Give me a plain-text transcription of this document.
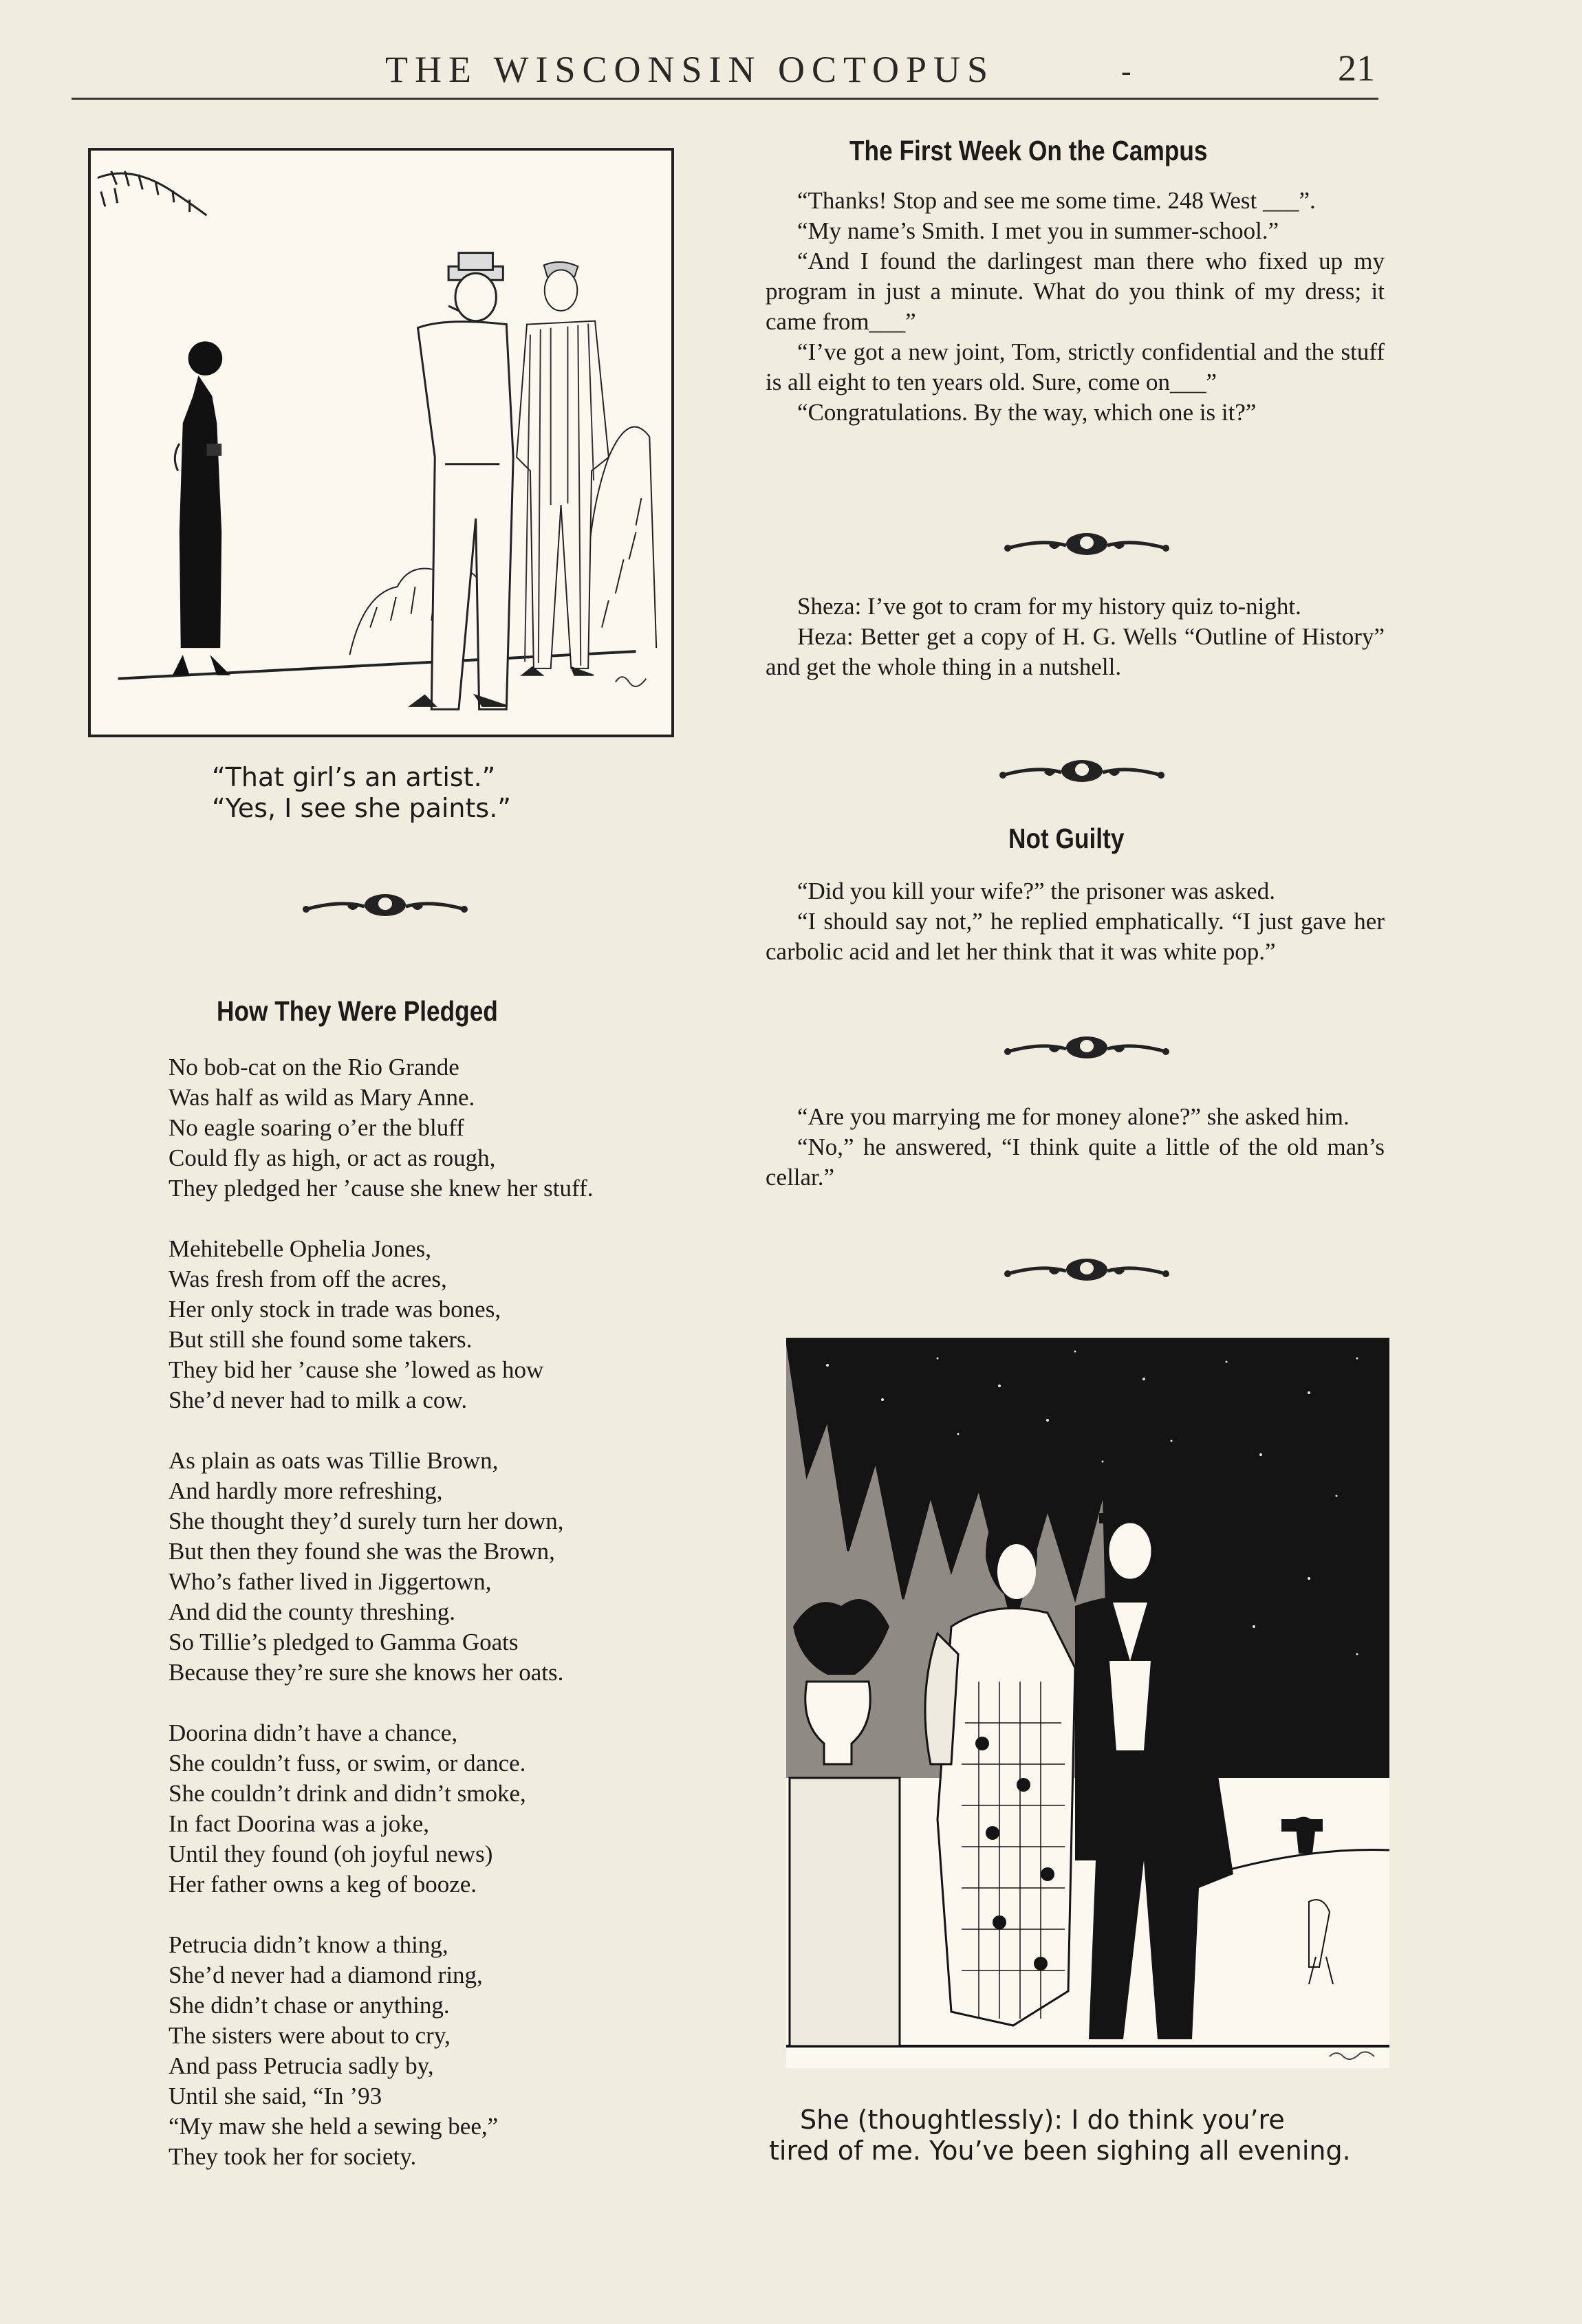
THE WISCONSIN OCTOPUS	-	21
“That girl’s an artist.”
“Yes, I see she paints.”
How They Were Pledged
No bob-cat on the Rio Grande
Was half as wild as Mary Anne.
No eagle soaring o’er the bluff
Could fly as high, or act as rough,
They pledged her ’cause she knew her stuff.
Mehitebelle Ophelia Jones,
Was fresh from off the acres,
Her only stock in trade was bones,
But still she found some takers.
They bid her ’cause she ’lowed as how
She’d never had to milk a cow.
As plain as oats was Tillie Brown,
And hardly more refreshing,
She thought they’d surely turn her down,
But then they found she was the Brown,
Who’s father lived in Jiggertown,
And did the county threshing.
So Tillie’s pledged to Gamma Goats
Because they’re sure she knows her oats.
Doorina didn’t have a chance,
She couldn’t fuss, or swim, or dance.
She couldn’t drink and didn’t smoke,
In fact Doorina was a joke,
Until they found (oh joyful news)
Her father owns a keg of booze.
Petrucia didn’t know a thing,
She’d never had a diamond ring,
She didn’t chase or anything.
The sisters were about to cry,
And pass Petrucia sadly by,
Until she said, “In ’93
“My maw she held a sewing bee,”
They took her for society.
The First Week On the Campus

“Thanks! Stop and see me some time. 248 West ___”.

“My name’s Smith. I met you in summer-school.”

“And I found the darlingest man there who fixed up my program in just a minute. What do you think of my dress; it came from___”

“I’ve got a new joint, Tom, strictly confidential and the stuff is all eight to ten years old. Sure, come on___”

“Congratulations. By the way, which one is it?”

Sheza: I’ve got to cram for my history quiz to-night.

Heza: Better get a copy of H. G. Wells “Outline of History” and get the whole thing in a nutshell.

Not Guilty

“Did you kill your wife?” the prisoner was asked.

“I should say not,” he replied emphatically. “I just gave her carbolic acid and let her think that it was white pop.”

“Are you marrying me for money alone?” she asked him.

“No,” he answered, “I think quite a little of the old man’s cellar.”

She (thoughtlessly): I do think you’re
tired of me. You’ve been sighing all evening.
